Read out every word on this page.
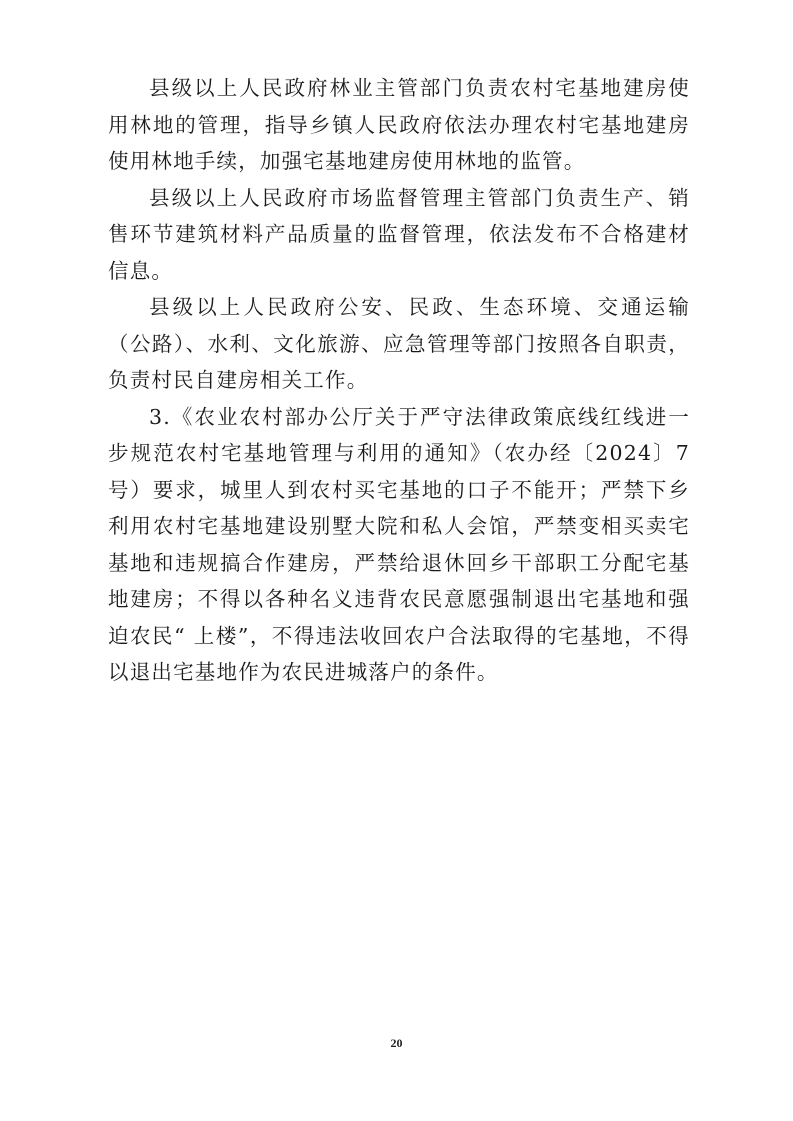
县级以上人民政府林业主管部门负责农村宅基地建房使用林地的管理，指导乡镇人民政府依法办理农村宅基地建房使用林地手续，加强宅基地建房使用林地的监管。

县级以上人民政府市场监督管理主管部门负责生产、销售环节建筑材料产品质量的监督管理，依法发布不合格建材信息。

县级以上人民政府公安、民政、生态环境、交通运输（公路）、水利、文化旅游、应急管理等部门按照各自职责，负责村民自建房相关工作。

3.《农业农村部办公厅关于严守法律政策底线红线进一步规范农村宅基地管理与利用的通知》（农办经〔2024〕7 号）要求，城里人到农村买宅基地的口子不能开；严禁下乡利用农村宅基地建设别墅大院和私人会馆，严禁变相买卖宅基地和违规搞合作建房，严禁给退休回乡干部职工分配宅基地建房；不得以各种名义违背农民意愿强制退出宅基地和强迫农民“ 上楼”，不得违法收回农户合法取得的宅基地，不得以退出宅基地作为农民进城落户的条件。

20
